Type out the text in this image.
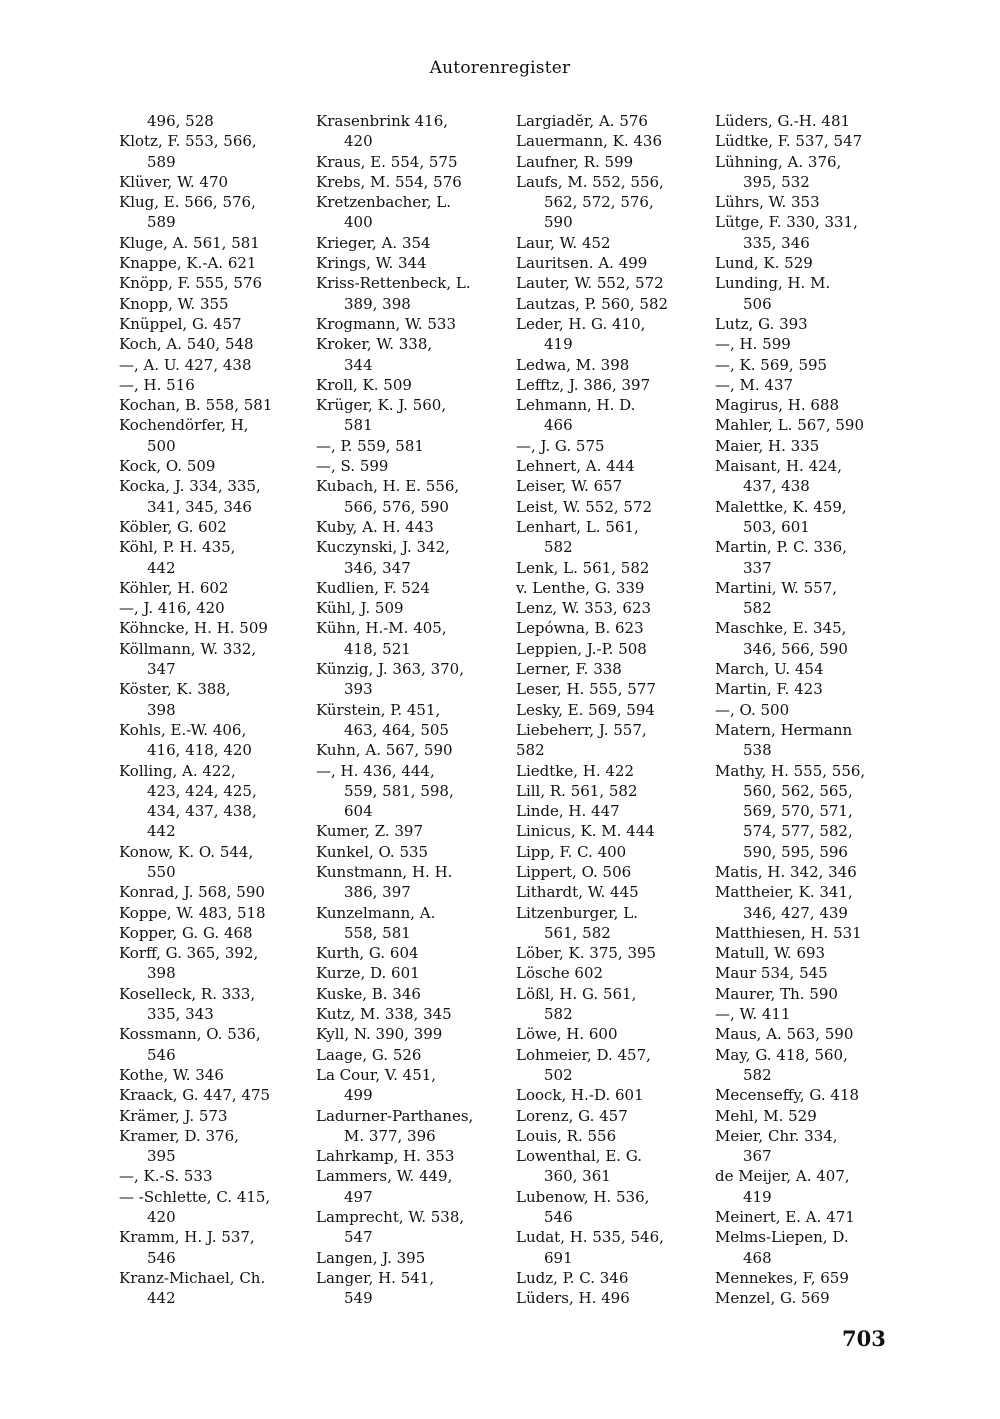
Autorenregister
496, 528
Klotz, F. 553, 566,
589
Klüver, W. 470
Klug, E. 566, 576,
589
Kluge, A. 561, 581
Knappe, K.-A. 621
Knöpp, F. 555, 576
Knopp, W. 355
Knüppel, G. 457
Koch, A. 540, 548
—, A. U. 427, 438
—, H. 516
Kochan, B. 558, 581
Kochendörfer, H,
500
Kock, O. 509
Kocka, J. 334, 335,
341, 345, 346
Köbler, G. 602
Köhl, P. H. 435,
442
Köhler, H. 602
—, J. 416, 420
Köhncke, H. H. 509
Köllmann, W. 332,
347
Köster, K. 388,
398
Kohls, E.-W. 406,
416, 418, 420
Kolling, A. 422,
423, 424, 425,
434, 437, 438,
442
Konow, K. O. 544,
550
Konrad, J. 568, 590
Koppe, W. 483, 518
Kopper, G. G. 468
Korff, G. 365, 392,
398
Koselleck, R. 333,
335, 343
Kossmann, O. 536,
546
Kothe, W. 346
Kraack, G. 447, 475
Krämer, J. 573
Kramer, D. 376,
395
—, K.-S. 533
— -Schlette, C. 415,
420
Kramm, H. J. 537,
546
Kranz-Michael, Ch.
442
Krasenbrink 416,
420
Kraus, E. 554, 575
Krebs, M. 554, 576
Kretzenbacher, L.
400
Krieger, A. 354
Krings, W. 344
Kriss-Rettenbeck, L.
389, 398
Krogmann, W. 533
Kroker, W. 338,
344
Kroll, K. 509
Krüger, K. J. 560,
581
—, P. 559, 581
—, S. 599
Kubach, H. E. 556,
566, 576, 590
Kuby, A. H. 443
Kuczynski, J. 342,
346, 347
Kudlien, F. 524
Kühl, J. 509
Kühn, H.-M. 405,
418, 521
Künzig, J. 363, 370,
393
Kürstein, P. 451,
463, 464, 505
Kuhn, A. 567, 590
—, H. 436, 444,
559, 581, 598,
604
Kumer, Z. 397
Kunkel, O. 535
Kunstmann, H. H.
386, 397
Kunzelmann, A.
558, 581
Kurth, G. 604
Kurze, D. 601
Kuske, B. 346
Kutz, M. 338, 345
Kyll, N. 390, 399
Laage, G. 526
La Cour, V. 451,
499
Ladurner-Parthanes,
M. 377, 396
Lahrkamp, H. 353
Lammers, W. 449,
497
Lamprecht, W. 538,
547
Langen, J. 395
Langer, H. 541,
549
Largiadĕr, A. 576
Lauermann, K. 436
Laufner, R. 599
Laufs, M. 552, 556,
562, 572, 576,
590
Laur, W. 452
Lauritsen. A. 499
Lauter, W. 552, 572
Lautzas, P. 560, 582
Leder, H. G. 410,
419
Ledwa, M. 398
Lefftz, J. 386, 397
Lehmann, H. D.
466
—, J. G. 575
Lehnert, A. 444
Leiser, W. 657
Leist, W. 552, 572
Lenhart, L. 561,
582
Lenk, L. 561, 582
v. Lenthe, G. 339
Lenz, W. 353, 623
Lepówna, B. 623
Leppien, J.-P. 508
Lerner, F. 338
Leser, H. 555, 577
Lesky, E. 569, 594
Liebeherr, J. 557,
582
Liedtke, H. 422
Lill, R. 561, 582
Linde, H. 447
Linicus, K. M. 444
Lipp, F. C. 400
Lippert, O. 506
Lithardt, W. 445
Litzenburger, L.
561, 582
Löber, K. 375, 395
Lösche 602
Lößl, H. G. 561,
582
Löwe, H. 600
Lohmeier, D. 457,
502
Loock, H.-D. 601
Lorenz, G. 457
Louis, R. 556
Lowenthal, E. G.
360, 361
Lubenow, H. 536,
546
Ludat, H. 535, 546,
691
Ludz, P. C. 346
Lüders, H. 496
Lüders, G.-H. 481
Lüdtke, F. 537, 547
Lühning, A. 376,
395, 532
Lührs, W. 353
Lütge, F. 330, 331,
335, 346
Lund, K. 529
Lunding, H. M.
506
Lutz, G. 393
—, H. 599
—, K. 569, 595
—, M. 437
Magirus, H. 688
Mahler, L. 567, 590
Maier, H. 335
Maisant, H. 424,
437, 438
Malettke, K. 459,
503, 601
Martin, P. C. 336,
337
Martini, W. 557,
582
Maschke, E. 345,
346, 566, 590
March, U. 454
Martin, F. 423
—, O. 500
Matern, Hermann
538
Mathy, H. 555, 556,
560, 562, 565,
569, 570, 571,
574, 577, 582,
590, 595, 596
Matis, H. 342, 346
Mattheier, K. 341,
346, 427, 439
Matthiesen, H. 531
Matull, W. 693
Maur 534, 545
Maurer, Th. 590
—, W. 411
Maus, A. 563, 590
May, G. 418, 560,
582
Mecenseffy, G. 418
Mehl, M. 529
Meier, Chr. 334,
367
de Meijer, A. 407,
419
Meinert, E. A. 471
Melms-Liepen, D.
468
Mennekes, F, 659
Menzel, G. 569
703
